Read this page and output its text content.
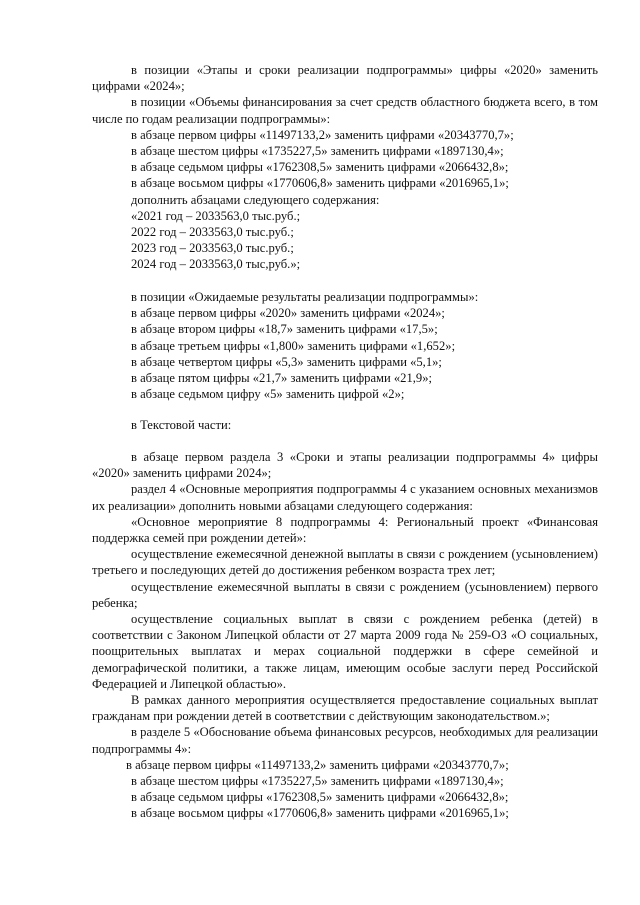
в позиции «Этапы и сроки реализации подпрограммы» цифры «2020» заменить цифрами «2024»;

в позиции «Объемы финансирования за счет средств областного бюджета всего, в том числе по годам реализации подпрограммы»:

в абзаце первом цифры «11497133,2» заменить цифрами «20343770,7»;

в абзаце шестом цифры «1735227,5» заменить цифрами «1897130,4»;

в абзаце седьмом цифры «1762308,5» заменить цифрами «2066432,8»;

в абзаце восьмом цифры «1770606,8» заменить цифрами «2016965,1»;

дополнить абзацами следующего содержания:

«2021 год – 2033563,0 тыс.руб.;

2022 год – 2033563,0 тыс.руб.;

2023 год – 2033563,0 тыс.руб.;

2024 год – 2033563,0 тыс,руб.»;

в позиции «Ожидаемые результаты реализации подпрограммы»:

в абзаце первом цифры «2020» заменить цифрами «2024»;

в абзаце втором цифры «18,7» заменить цифрами «17,5»;

в абзаце третьем цифры «1,800» заменить цифрами «1,652»;

в абзаце четвертом цифры «5,3» заменить цифрами «5,1»;

в абзаце пятом цифры «21,7» заменить цифрами «21,9»;

в абзаце седьмом цифру «5» заменить цифрой «2»;

в Текстовой части:

в абзаце первом раздела 3 «Сроки и этапы реализации подпрограммы 4» цифры «2020» заменить цифрами 2024»;

раздел 4 «Основные мероприятия подпрограммы 4 с указанием основных механизмов их реализации» дополнить новыми абзацами следующего содержания:

«Основное мероприятие 8 подпрограммы 4: Региональный проект «Финансовая поддержка семей при рождении детей»:

осуществление ежемесячной денежной выплаты в связи с рождением (усыновлением) третьего и последующих детей до достижения ребенком возраста трех лет;

осуществление ежемесячной выплаты в связи с рождением (усыновлением) первого ребенка;

осуществление социальных выплат в связи с рождением ребенка (детей) в соответствии с Законом Липецкой области от 27 марта 2009 года № 259-ОЗ «О социальных, поощрительных выплатах и мерах социальной поддержки в сфере семейной и демографической политики, а также лицам, имеющим особые заслуги перед Российской Федерацией и Липецкой областью».

В рамках данного мероприятия осуществляется предоставление социальных выплат гражданам при рождении детей в соответствии с действующим законодательством.»;

в разделе 5 «Обоснование объема финансовых ресурсов, необходимых для реализации подпрограммы 4»:

в абзаце первом цифры «11497133,2» заменить цифрами «20343770,7»;

в абзаце шестом цифры «1735227,5» заменить цифрами «1897130,4»;

в абзаце седьмом цифры «1762308,5» заменить цифрами «2066432,8»;

в абзаце восьмом цифры «1770606,8» заменить цифрами «2016965,1»;
